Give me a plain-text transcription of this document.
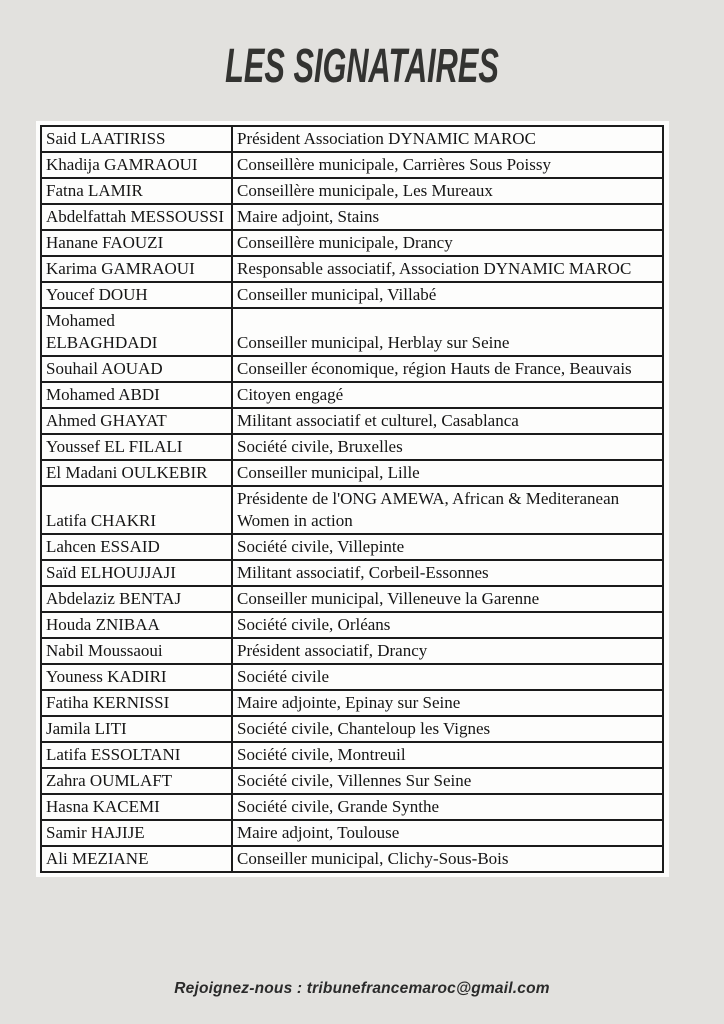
LES SIGNATAIRES
Said LAATIRISS	Président Association DYNAMIC MAROC
Khadija GAMRAOUI	Conseillère municipale, Carrières Sous Poissy
Fatna LAMIR	Conseillère municipale, Les Mureaux
Abdelfattah MESSOUSSI	Maire adjoint, Stains
Hanane FAOUZI	Conseillère municipale, Drancy
Karima GAMRAOUI	Responsable associatif, Association DYNAMIC MAROC
Youcef DOUH	Conseiller municipal, Villabé
Mohamed ELBAGHDADI	Conseiller municipal, Herblay sur Seine
Souhail AOUAD	Conseiller économique, région Hauts de France, Beauvais
Mohamed ABDI	Citoyen engagé
Ahmed GHAYAT	Militant associatif et culturel, Casablanca
Youssef EL FILALI	Société civile, Bruxelles
El Madani OULKEBIR	Conseiller municipal, Lille
Latifa CHAKRI	Présidente de l'ONG AMEWA, African & Mediteranean Women in action
Lahcen ESSAID	Société civile, Villepinte
Saïd ELHOUJJAJI	Militant associatif, Corbeil-Essonnes
Abdelaziz BENTAJ	Conseiller municipal, Villeneuve la Garenne
Houda ZNIBAA	Société civile, Orléans
Nabil Moussaoui	Président associatif, Drancy
Youness KADIRI	Société civile
Fatiha KERNISSI	Maire adjointe, Epinay sur Seine
Jamila LITI	Société civile, Chanteloup les Vignes
Latifa ESSOLTANI	Société civile, Montreuil
Zahra OUMLAFT	Société civile, Villennes Sur Seine
Hasna KACEMI	Société civile, Grande Synthe
Samir HAJIJE	Maire adjoint, Toulouse
Ali MEZIANE	Conseiller municipal, Clichy-Sous-Bois
Rejoignez-nous : tribunefrancemaroc@gmail.com
